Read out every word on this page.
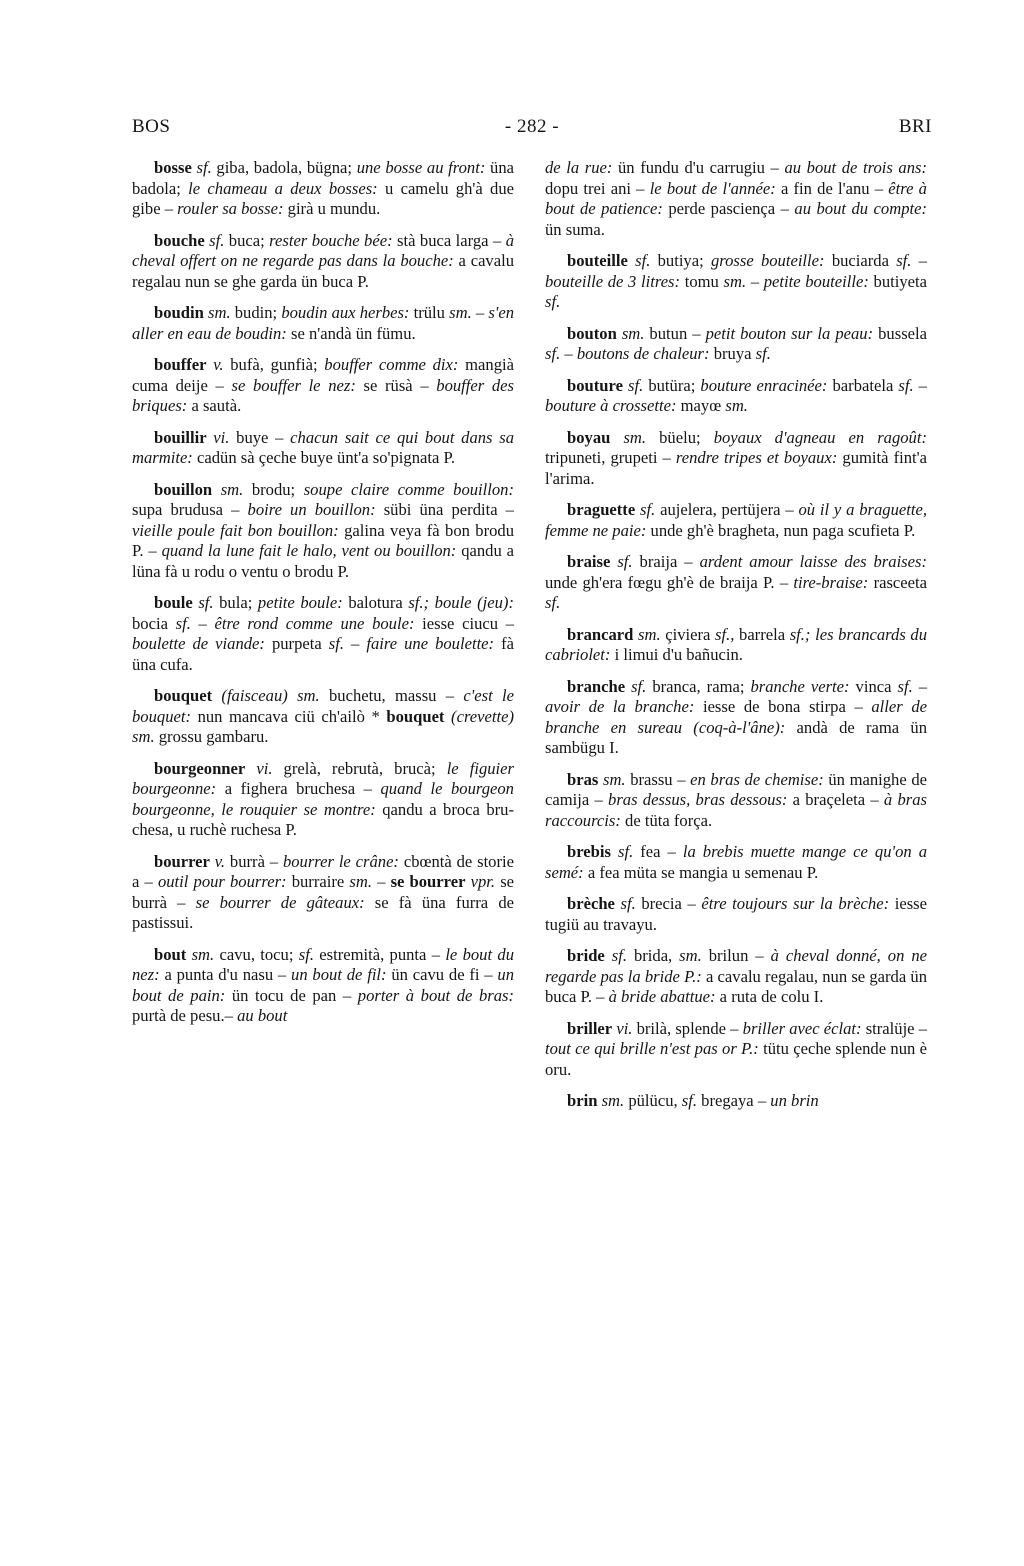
BOS	- 282 -	BRI

bosse sf. giba, badola, bügna; une bosse au front: üna badola; le chameau a deux bosses: u camelu gh'à due gibe – rouler sa bosse: girà u mundu.

bouche sf. buca; rester bouche bée: stà buca larga – à cheval offert on ne regarde pas dans la bouche: a cavalu regalau nun se ghe garda ün buca P.

boudin sm. budin; boudin aux herbes: trülu sm. – s'en aller en eau de boudin: se n'andà ün fümu.

bouffer v. bufà, gunfià; bouffer comme dix: mangià cuma deije – se bouffer le nez: se rüsà – bouffer des briques: a sautà.

bouillir vi. buye – chacun sait ce qui bout dans sa marmite: cadün sà çeche buye ünt'a so'pignata P.

bouillon sm. brodu; soupe claire comme bouillon: supa brudusa – boire un bouillon: sübi üna perdita – vieille poule fait bon bouillon: galina veya fà bon brodu P. – quand la lune fait le halo, vent ou bouillon: qandu a lüna fà u rodu o ventu o brodu P.

boule sf. bula; petite boule: balotura sf.; boule (jeu): bocia sf. – être rond comme une boule: iesse ciucu – boulette de viande: purpeta sf. – faire une boulette: fà üna cufa.

bouquet (faisceau) sm. buchetu, massu – c'est le bouquet: nun mancava ciü ch'ailò * bouquet (crevette) sm. grossu gambaru.

bourgeonner vi. grelà, rebrutà, brucà; le figuier bourgeonne: a fighera bruchesa – quand le bourgeon bourgeonne, le rouquier se montre: qandu a broca bruchesa, u ruchè ruchesa P.

bourrer v. burrà – bourrer le crâne: cbœntà de storie a – outil pour bourrer: burraire sm. – se bourrer vpr. se burrà – se bourrer de gâteaux: se fà üna furra de pastissui.

bout sm. cavu, tocu; sf. estremità, punta – le bout du nez: a punta d'u nasu – un bout de fil: ün cavu de fi – un bout de pain: ün tocu de pan – porter à bout de bras: purtà de pesu.– au bout

de la rue: ün fundu d'u carrugiu – au bout de trois ans: dopu trei ani – le bout de l'année: a fin de l'anu – être à bout de patience: perde pasciença – au bout du compte: ün suma.

bouteille sf. butiya; grosse bouteille: buciarda sf. – bouteille de 3 litres: tomu sm. – petite bouteille: butiyeta sf.

bouton sm. butun – petit bouton sur la peau: bussela sf. – boutons de chaleur: bruya sf.

bouture sf. butüra; bouture enracinée: barbatela sf. – bouture à crossette: mayœ sm.

boyau sm. büelu; boyaux d'agneau en ragoût: tripuneti, grupeti – rendre tripes et boyaux: gumità fint'a l'arima.

braguette sf. aujelera, pertüjera – où il y a braguette, femme ne paie: unde gh'è bragheta, nun paga scufieta P.

braise sf. braija – ardent amour laisse des braises: unde gh'era fœgu gh'è de braija P. – tire-braise: rasceeta sf.

brancard sm. çiviera sf., barrela sf.; les brancards du cabriolet: i limui d'u bañucin.

branche sf. branca, rama; branche verte: vinca sf. – avoir de la branche: iesse de bona stirpa – aller de branche en sureau (coq-à-l'âne): andà de rama ün sambügu I.

bras sm. brassu – en bras de chemise: ün manighe de camija – bras dessus, bras dessous: a braçeleta – à bras raccourcis: de tüta força.

brebis sf. fea – la brebis muette mange ce qu'on a semé: a fea müta se mangia u semenau P.

brèche sf. brecia – être toujours sur la brèche: iesse tugiü au travayu.

bride sf. brida, sm. brilun – à cheval donné, on ne regarde pas la bride P.: a cavalu regalau, nun se garda ün buca P. – à bride abattue: a ruta de colu I.

briller vi. brilà, splende – briller avec éclat: stralüje – tout ce qui brille n'est pas or P.: tütu çeche splende nun è oru.

brin sm. pülücu, sf. bregaya – un brin
